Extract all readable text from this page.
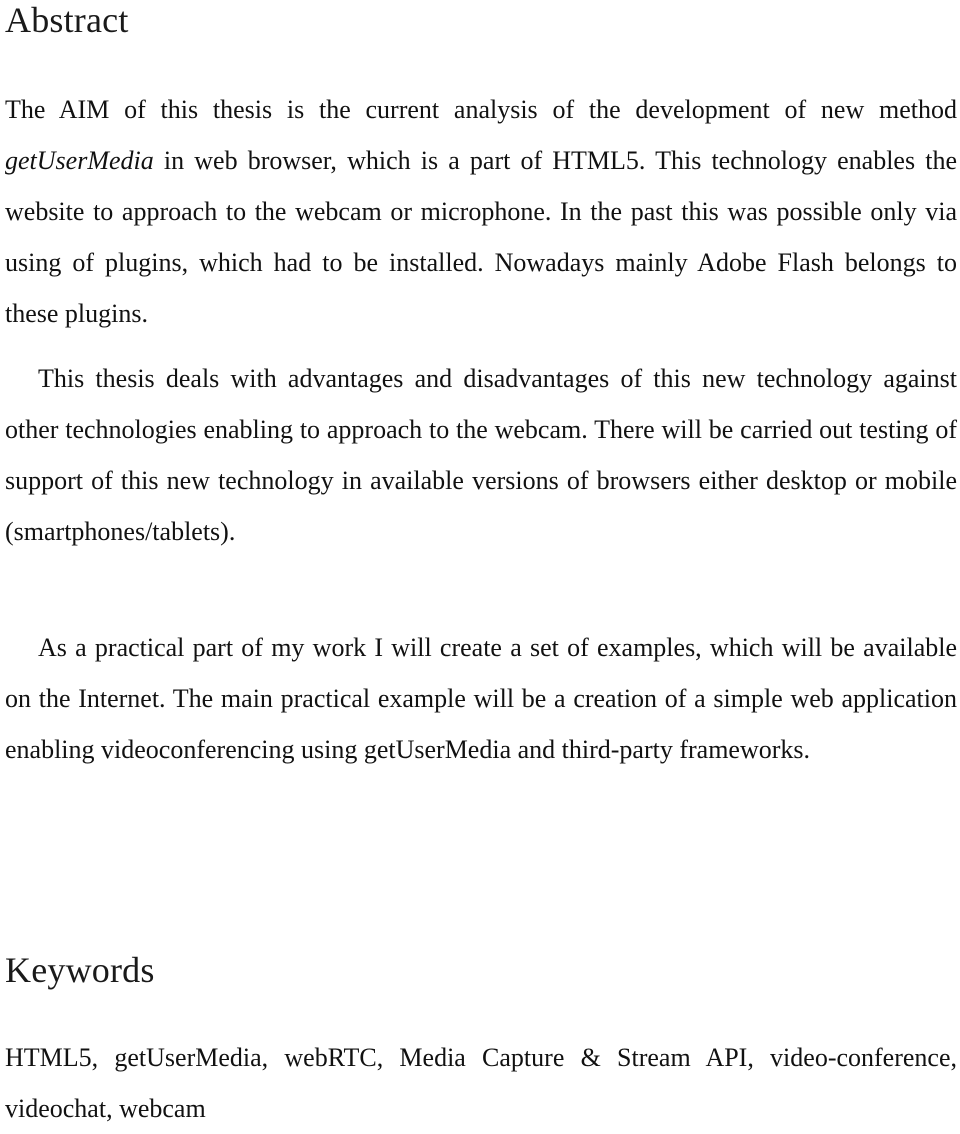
Abstract

The AIM of this thesis is the current analysis of the development of new method getUserMedia in web browser, which is a part of HTML5. This technology enables the website to approach to the webcam or microphone. In the past this was possible only via using of plugins, which had to be installed. Nowadays mainly Adobe Flash belongs to these plugins.

This thesis deals with advantages and disadvantages of this new technology against other technologies enabling to approach to the webcam. There will be carried out testing of support of this new technology in available versions of browsers either desktop or mobile (smartphones/tablets).

As a practical part of my work I will create a set of examples, which will be available on the Internet. The main practical example will be a creation of a simple web application enabling videoconferencing using getUserMedia and third-party frameworks.

Keywords

HTML5, getUserMedia, webRTC, Media Capture & Stream API, video-conference, videochat, webcam
